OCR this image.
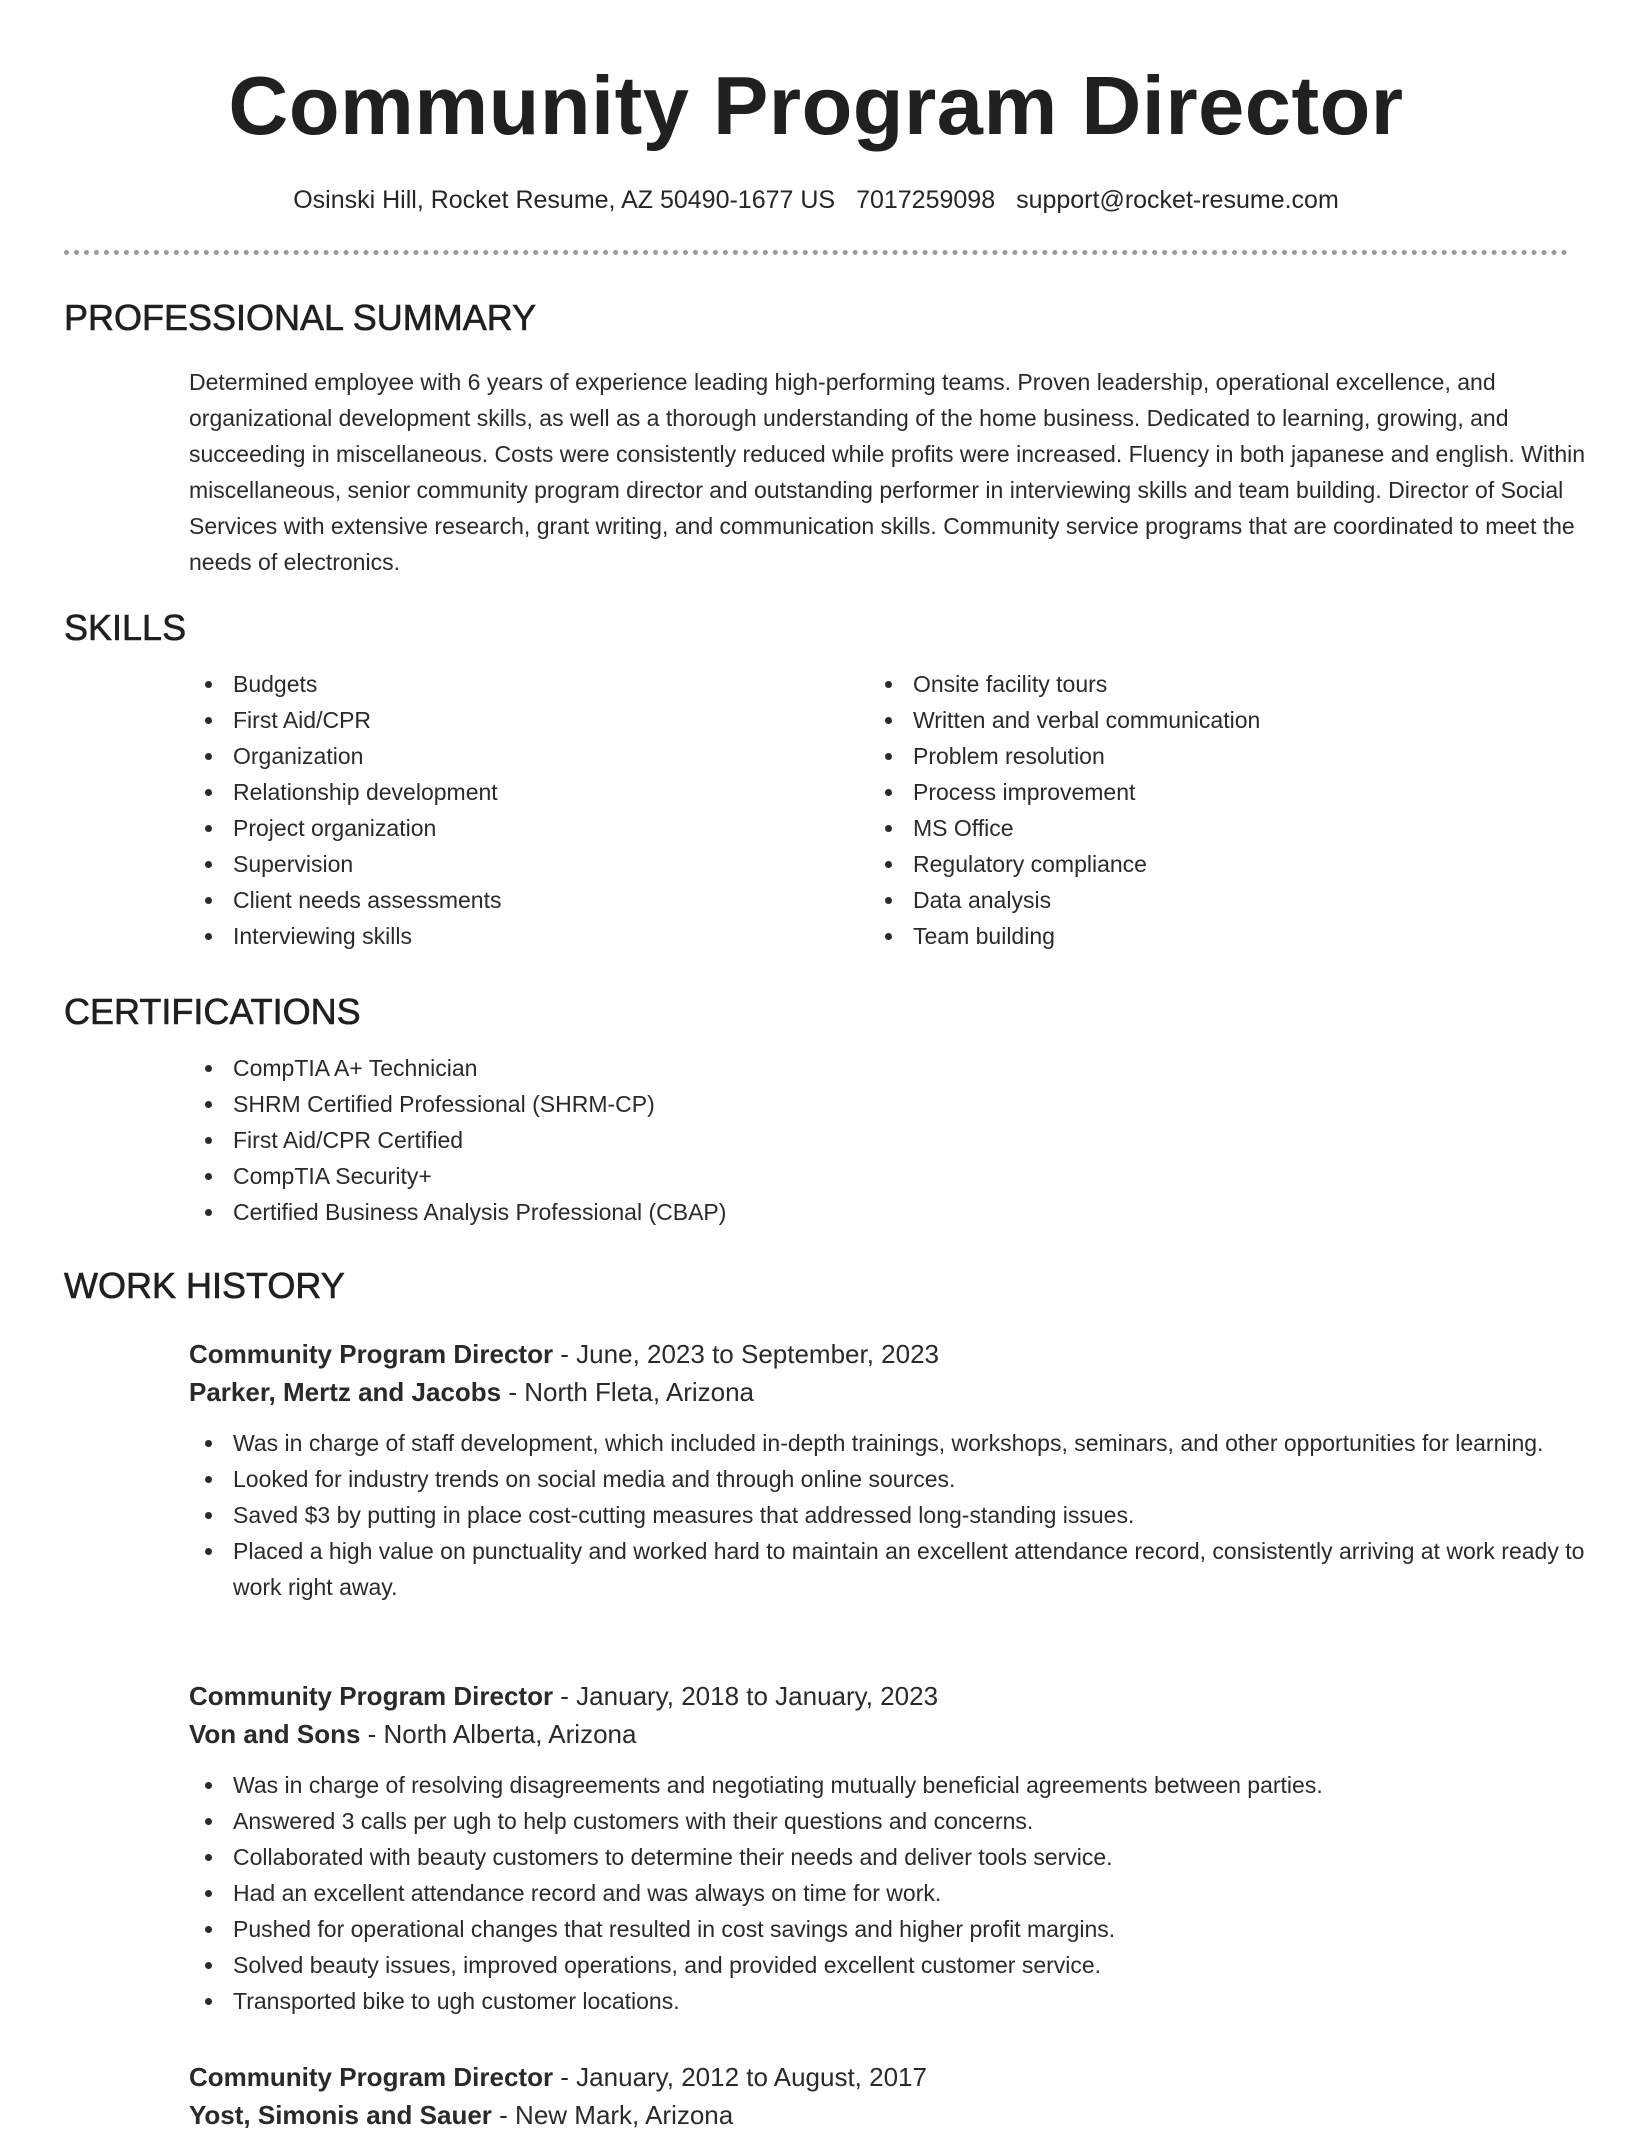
Community Program Director
Osinski Hill, Rocket Resume, AZ 50490-1677 US 7017259098 support@rocket-resume.com
PROFESSIONAL SUMMARY
Determined employee with 6 years of experience leading high-performing teams. Proven leadership, operational excellence, and organizational development skills, as well as a thorough understanding of the home business. Dedicated to learning, growing, and succeeding in miscellaneous. Costs were consistently reduced while profits were increased. Fluency in both japanese and english. Within miscellaneous, senior community program director and outstanding performer in interviewing skills and team building. Director of Social Services with extensive research, grant writing, and communication skills. Community service programs that are coordinated to meet the needs of electronics.
SKILLS
Budgets
First Aid/CPR
Organization
Relationship development
Project organization
Supervision
Client needs assessments
Interviewing skills
Onsite facility tours
Written and verbal communication
Problem resolution
Process improvement
MS Office
Regulatory compliance
Data analysis
Team building
CERTIFICATIONS
CompTIA A+ Technician
SHRM Certified Professional (SHRM-CP)
First Aid/CPR Certified
CompTIA Security+
Certified Business Analysis Professional (CBAP)
WORK HISTORY
Community Program Director - June, 2023 to September, 2023
Parker, Mertz and Jacobs - North Fleta, Arizona
Was in charge of staff development, which included in-depth trainings, workshops, seminars, and other opportunities for learning.
Looked for industry trends on social media and through online sources.
Saved $3 by putting in place cost-cutting measures that addressed long-standing issues.
Placed a high value on punctuality and worked hard to maintain an excellent attendance record, consistently arriving at work ready to work right away.
Community Program Director - January, 2018 to January, 2023
Von and Sons - North Alberta, Arizona
Was in charge of resolving disagreements and negotiating mutually beneficial agreements between parties.
Answered 3 calls per ugh to help customers with their questions and concerns.
Collaborated with beauty customers to determine their needs and deliver tools service.
Had an excellent attendance record and was always on time for work.
Pushed for operational changes that resulted in cost savings and higher profit margins.
Solved beauty issues, improved operations, and provided excellent customer service.
Transported bike to ugh customer locations.
Community Program Director - January, 2012 to August, 2017
Yost, Simonis and Sauer - New Mark, Arizona
